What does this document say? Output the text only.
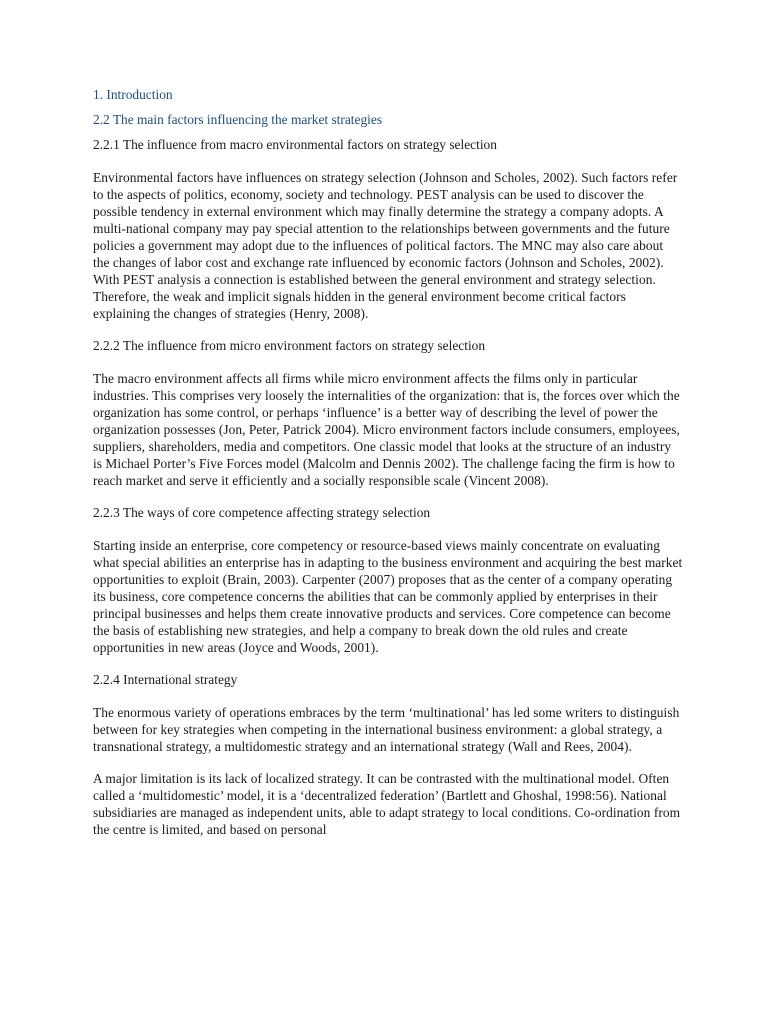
1. Introduction

2.2 The main factors influencing the market strategies

2.2.1 The influence from macro environmental factors on strategy selection

Environmental factors have influences on strategy selection (Johnson and Scholes, 2002). Such factors refer to the aspects of politics, economy, society and technology. PEST analysis can be used to discover the possible tendency in external environment which may finally determine the strategy a company adopts. A multi-national company may pay special attention to the relationships between governments and the future policies a government may adopt due to the influences of political factors. The MNC may also care about the changes of labor cost and exchange rate influenced by economic factors (Johnson and Scholes, 2002). With PEST analysis a connection is established between the general environment and strategy selection. Therefore, the weak and implicit signals hidden in the general environment become critical factors explaining the changes of strategies (Henry, 2008).

2.2.2 The influence from micro environment factors on strategy selection

The macro environment affects all firms while micro environment affects the films only in particular industries. This comprises very loosely the internalities of the organization: that is, the forces over which the organization has some control, or perhaps ‘influence’ is a better way of describing the level of power the organization possesses (Jon, Peter, Patrick 2004). Micro environment factors include consumers, employees, suppliers, shareholders, media and competitors. One classic model that looks at the structure of an industry is Michael Porter’s Five Forces model (Malcolm and Dennis 2002). The challenge facing the firm is how to reach market and serve it efficiently and a socially responsible scale (Vincent 2008).

2.2.3 The ways of core competence affecting strategy selection

Starting inside an enterprise, core competency or resource-based views mainly concentrate on evaluating what special abilities an enterprise has in adapting to the business environment and acquiring the best market opportunities to exploit (Brain, 2003). Carpenter (2007) proposes that as the center of a company operating its business, core competence concerns the abilities that can be commonly applied by enterprises in their principal businesses and helps them create innovative products and services. Core competence can become the basis of establishing new strategies, and help a company to break down the old rules and create opportunities in new areas (Joyce and Woods, 2001).

2.2.4 International strategy

The enormous variety of operations embraces by the term ‘multinational’ has led some writers to distinguish between for key strategies when competing in the international business environment: a global strategy, a transnational strategy, a multidomestic strategy and an international strategy (Wall and Rees, 2004).

A major limitation is its lack of localized strategy. It can be contrasted with the multinational model. Often called a ‘multidomestic’ model, it is a ‘decentralized federation’ (Bartlett and Ghoshal, 1998:56). National subsidiaries are managed as independent units, able to adapt strategy to local conditions. Co-ordination from the centre is limited, and based on personal
